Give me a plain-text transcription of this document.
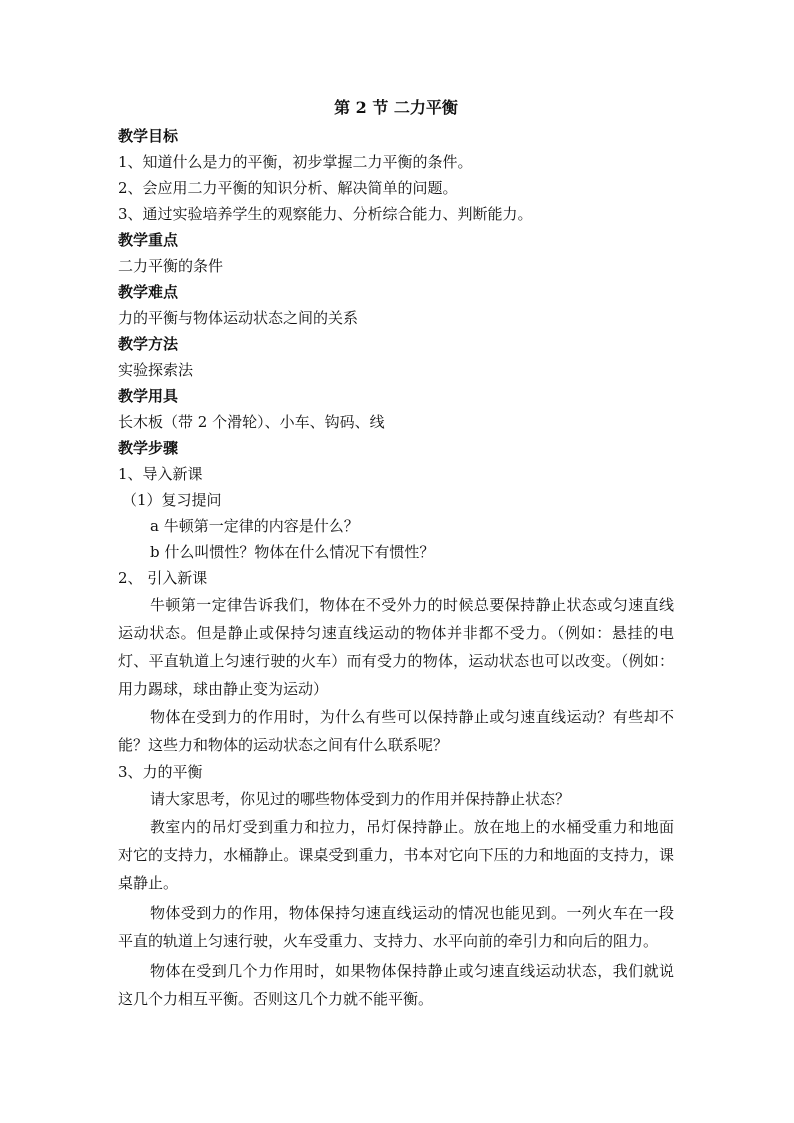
第 2 节 二力平衡

教学目标

1、知道什么是力的平衡，初步掌握二力平衡的条件。

2、会应用二力平衡的知识分析、解决简单的问题。

3、通过实验培养学生的观察能力、分析综合能力、判断能力。

教学重点

二力平衡的条件

教学难点

力的平衡与物体运动状态之间的关系

教学方法

实验探索法

教学用具

长木板（带 2 个滑轮）、小车、钩码、线

教学步骤

1、导入新课

（1）复习提问

a 牛顿第一定律的内容是什么？

b 什么叫惯性？物体在什么情况下有惯性？

2、 引入新课

牛顿第一定律告诉我们，物体在不受外力的时候总要保持静止状态或匀速直线运动状态。但是静止或保持匀速直线运动的物体并非都不受力。（例如：悬挂的电灯、平直轨道上匀速行驶的火车）而有受力的物体，运动状态也可以改变。（例如：用力踢球，球由静止变为运动）

物体在受到力的作用时，为什么有些可以保持静止或匀速直线运动？有些却不能？这些力和物体的运动状态之间有什么联系呢？

3、力的平衡

请大家思考，你见过的哪些物体受到力的作用并保持静止状态？

教室内的吊灯受到重力和拉力，吊灯保持静止。放在地上的水桶受重力和地面对它的支持力，水桶静止。课桌受到重力，书本对它向下压的力和地面的支持力，课桌静止。

物体受到力的作用，物体保持匀速直线运动的情况也能见到。一列火车在一段平直的轨道上匀速行驶，火车受重力、支持力、水平向前的牵引力和向后的阻力。

物体在受到几个力作用时，如果物体保持静止或匀速直线运动状态，我们就说这几个力相互平衡。否则这几个力就不能平衡。
